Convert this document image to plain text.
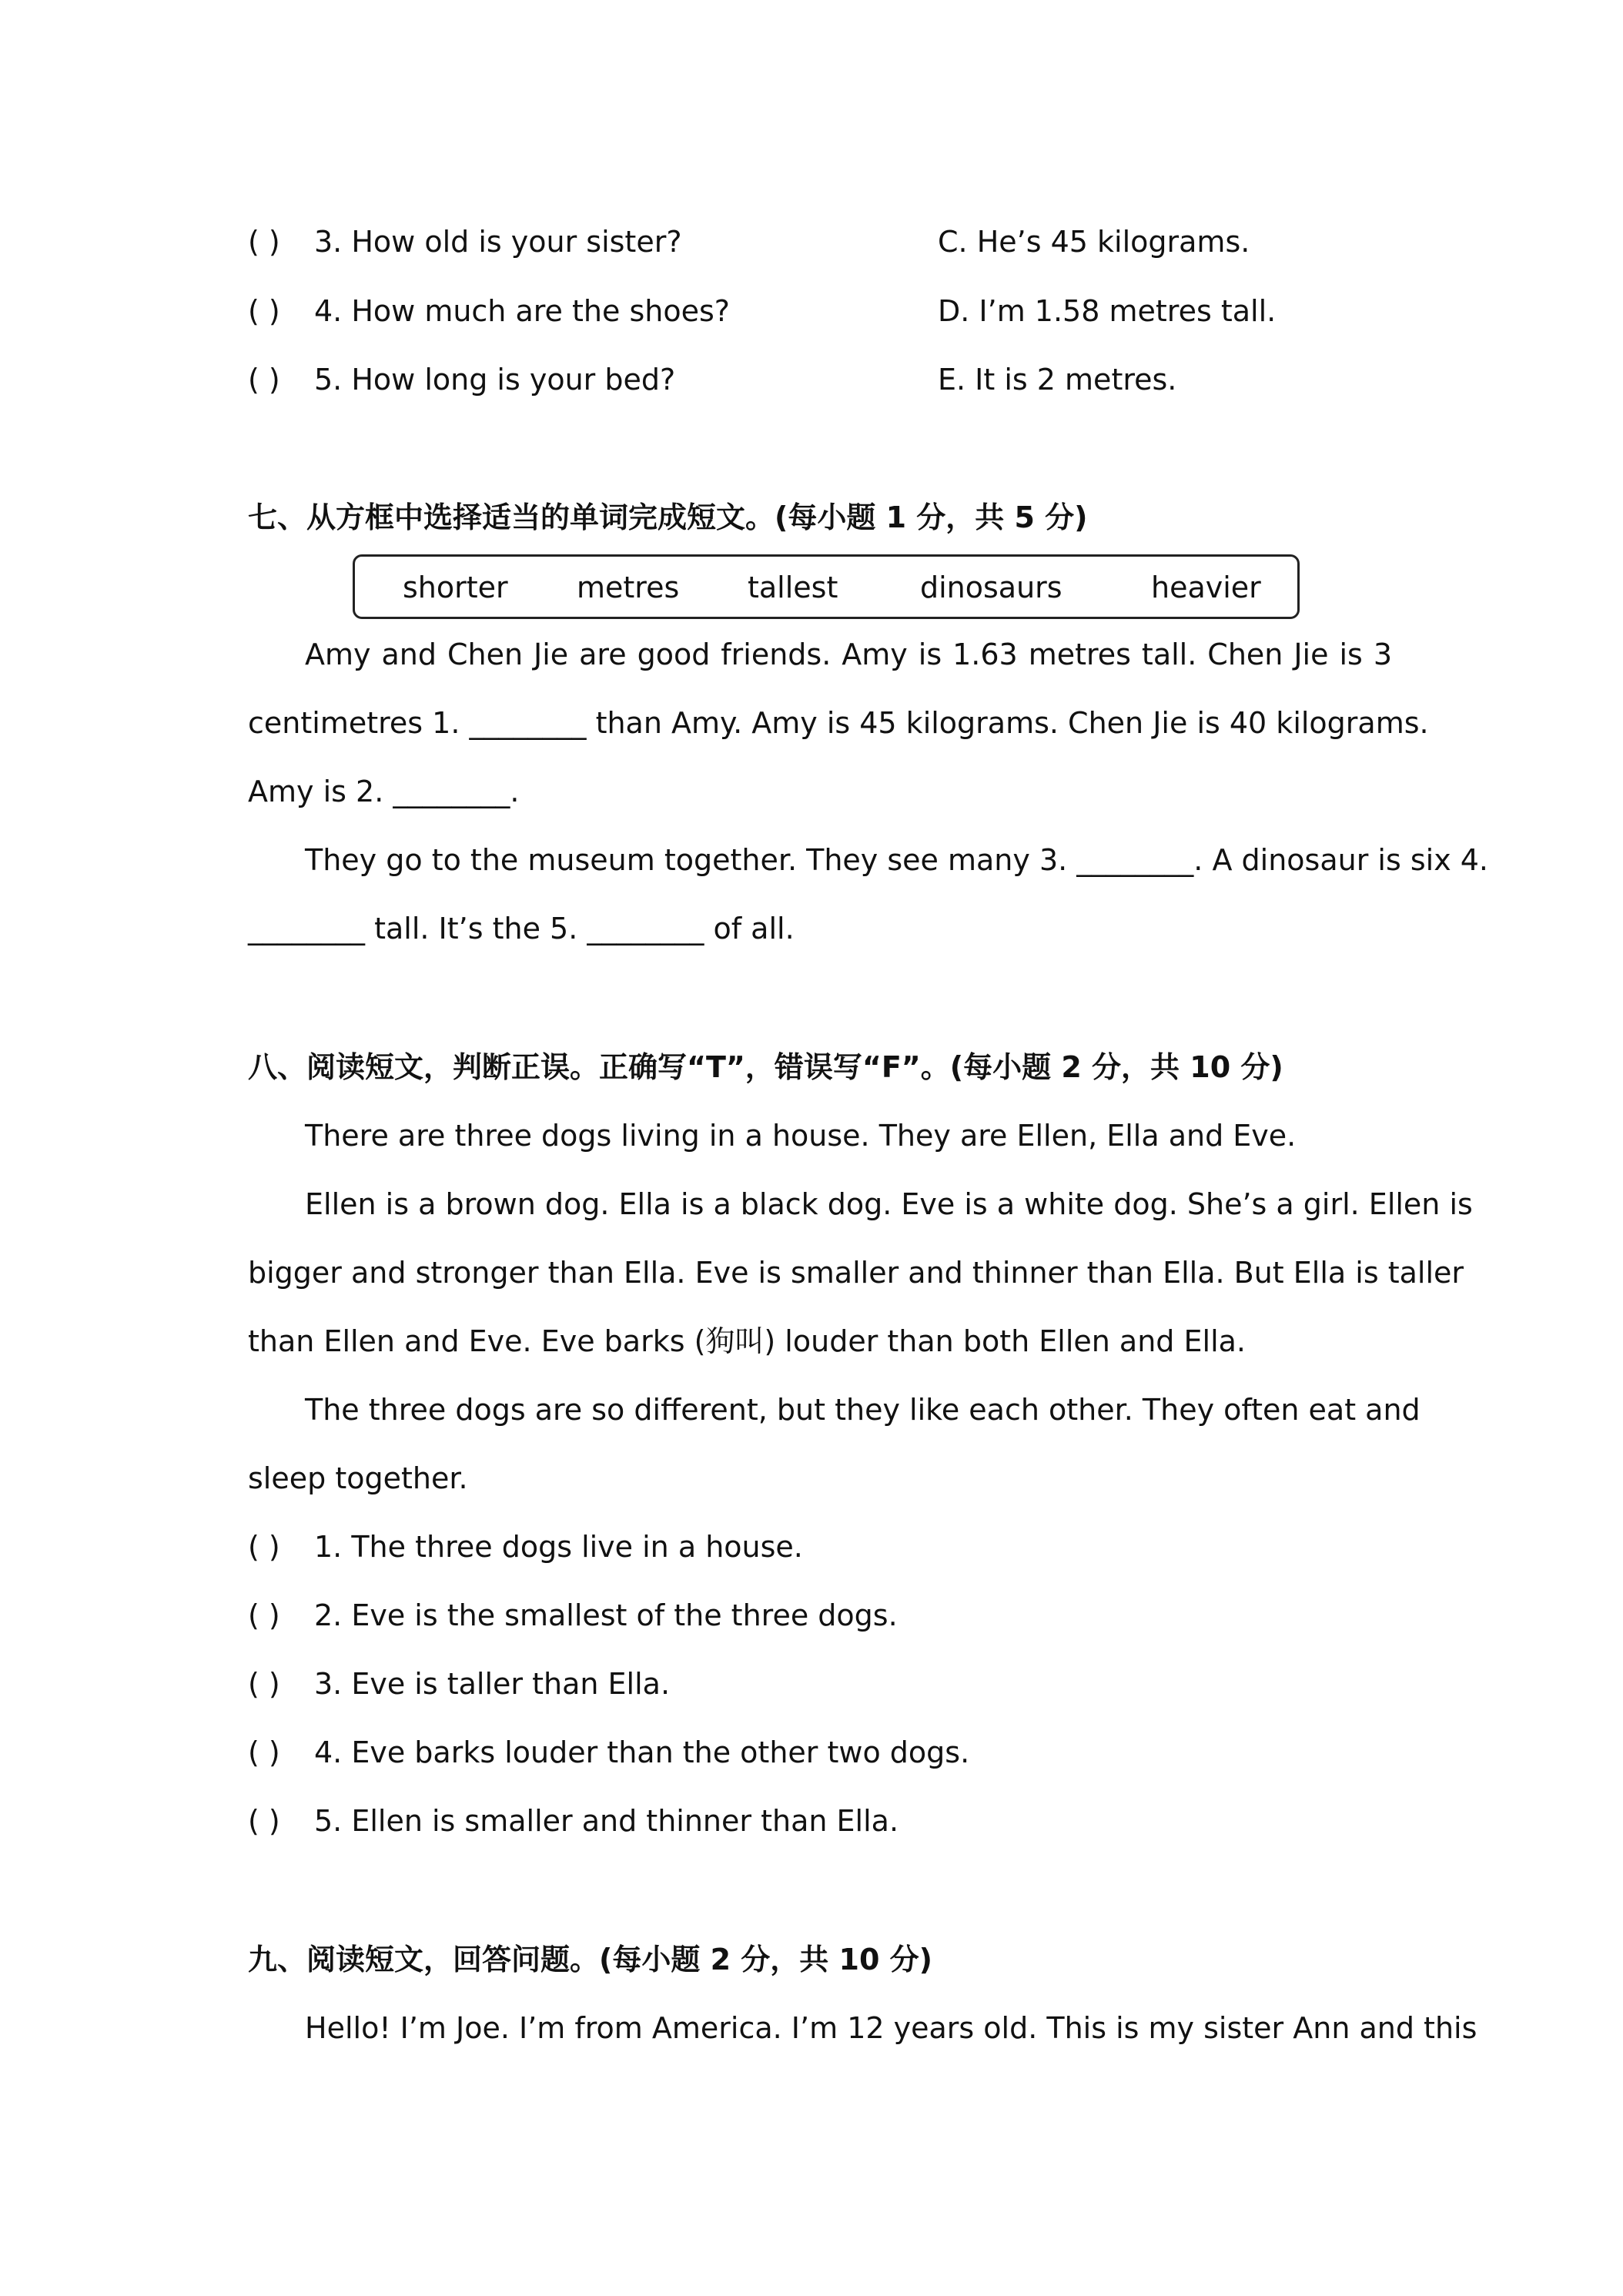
( ) 3. How old is your sister?	C. He’s 45 kilograms.
( ) 4. How much are the shoes?	D. I’m 1.58 metres tall.
( ) 5. How long is your bed?	E. It is 2 metres.
七、从方框中选择适当的单词完成短文。(每小题 1 分，共 5 分)
shorter metres tallest	dinosaurs	heavier
Amy and Chen Jie are good friends. Amy is 1.63 metres tall. Chen Jie is 3
centimetres 1. ________ than Amy. Amy is 45 kilograms. Chen Jie is 40 kilograms.
Amy is 2. ________.
They go to the museum together. They see many 3. ________. A dinosaur is six 4.
________ tall. It’s the 5. ________ of all.
八、阅读短文，判断正误。正确写“T”，错误写“F”。(每小题 2 分，共 10 分)
There are three dogs living in a house. They are Ellen, Ella and Eve.
Ellen is a brown dog. Ella is a black dog. Eve is a white dog. She’s a girl. Ellen is
bigger and stronger than Ella. Eve is smaller and thinner than Ella. But Ella is taller
than Ellen and Eve. Eve barks (狗叫) louder than both Ellen and Ella.
The three dogs are so different, but they like each other. They often eat and
sleep together.
( ) 1. The three dogs live in a house.
( ) 2. Eve is the smallest of the three dogs.
( ) 3. Eve is taller than Ella.
( ) 4. Eve barks louder than the other two dogs.
( ) 5. Ellen is smaller and thinner than Ella.
九、阅读短文，回答问题。(每小题 2 分，共 10 分)
Hello! I’m Joe. I’m from America. I’m 12 years old. This is my sister Ann and this
